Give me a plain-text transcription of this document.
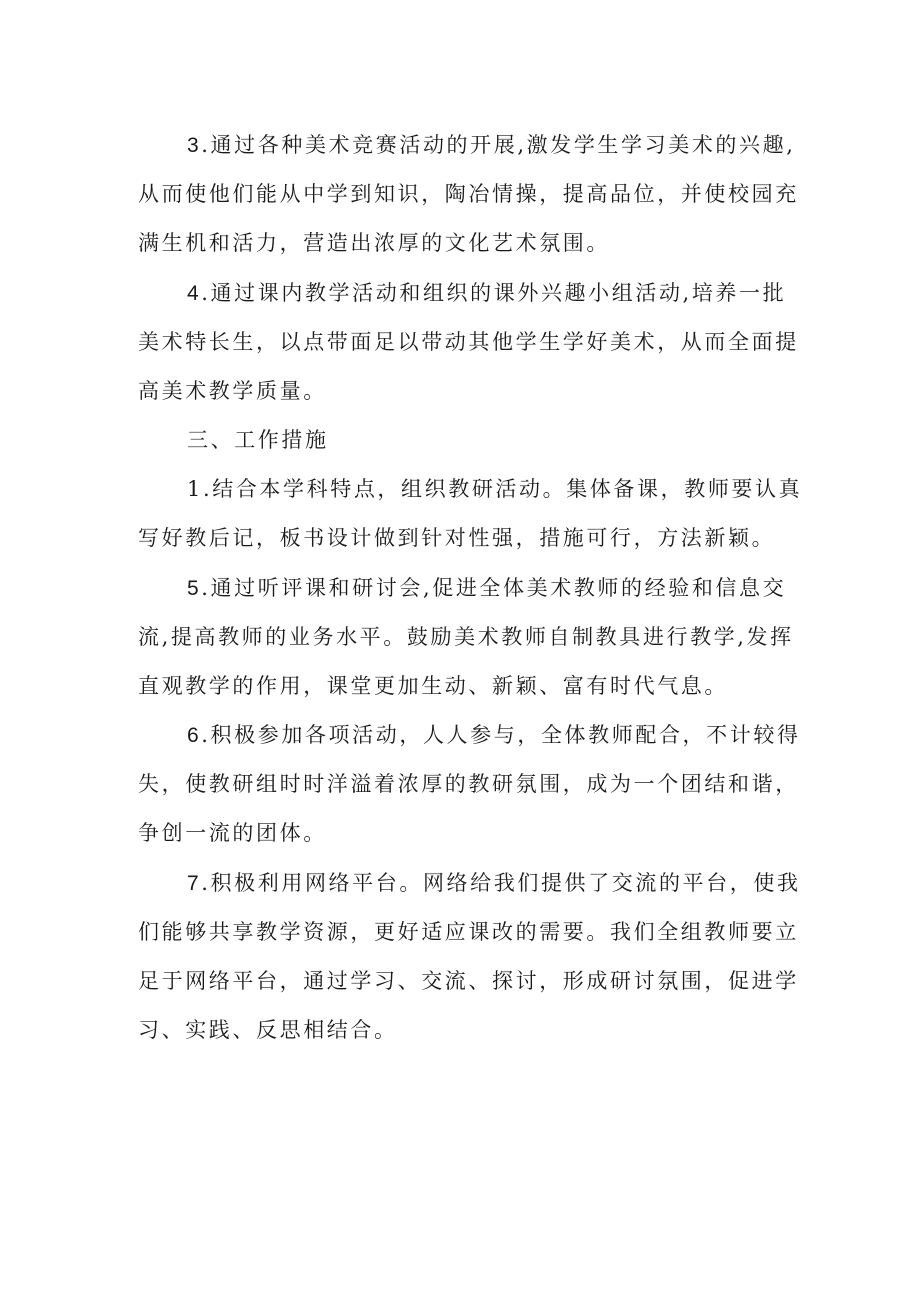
3.通过各种美术竞赛活动的开展,激发学生学习美术的兴趣,
从而使他们能从中学到知识，陶冶情操，提高品位，并使校园充
满生机和活力，营造出浓厚的文化艺术氛围。
4.通过课内教学活动和组织的课外兴趣小组活动,培养一批
美术特长生，以点带面足以带动其他学生学好美术，从而全面提
高美术教学质量。
三、工作措施
1.结合本学科特点，组织教研活动。集体备课，教师要认真
写好教后记，板书设计做到针对性强，措施可行，方法新颖。
5.通过听评课和研讨会,促进全体美术教师的经验和信息交
流,提高教师的业务水平。鼓励美术教师自制教具进行教学,发挥
直观教学的作用，课堂更加生动、新颖、富有时代气息。
6.积极参加各项活动，人人参与，全体教师配合，不计较得
失，使教研组时时洋溢着浓厚的教研氛围，成为一个团结和谐，
争创一流的团体。
7.积极利用网络平台。网络给我们提供了交流的平台，使我
们能够共享教学资源，更好适应课改的需要。我们全组教师要立
足于网络平台，通过学习、交流、探讨，形成研讨氛围，促进学
习、实践、反思相结合。
